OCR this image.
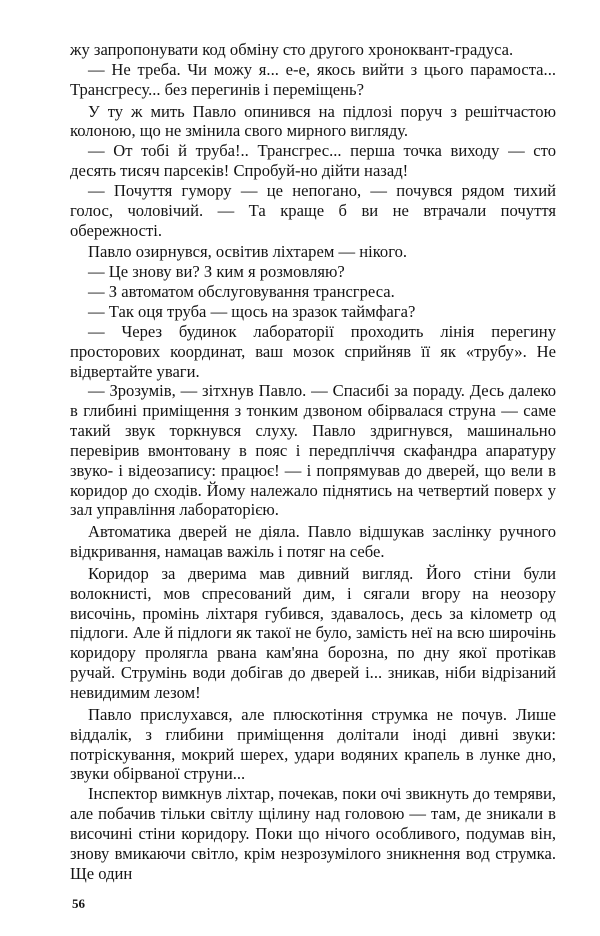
жу запропонувати код обміну сто другого хроноквант-градуса.

— Не треба. Чи можу я... е-е, якось вийти з цього парамоста... Трансгресу... без перегинів і переміщень?

У ту ж мить Павло опинився на підлозі поруч з решітчастою колоною, що не змінила свого мирного вигляду.

— От тобі й труба!.. Трансгрес... перша точка виходу — сто десять тисяч парсеків! Спробуй-но дійти назад!

— Почуття гумору — це непогано, — почувся рядом тихий голос, чоловічий. — Та краще б ви не втрачали почуття обережності.

Павло озирнувся, освітив ліхтарем — нікого.

— Це знову ви? З ким я розмовляю?

— З автоматом обслуговування трансгреса.

— Так оця труба — щось на зразок таймфага?

— Через будинок лабораторії проходить лінія перегину просторових координат, ваш мозок сприйняв її як «трубу». Не відвертайте уваги.

— Зрозумів, — зітхнув Павло. — Спасибі за пораду. Десь далеко в глибині приміщення з тонким дзвоном обірвалася струна — саме такий звук торкнувся слуху. Павло здригнувся, машинально перевірив вмонтовану в пояс і передпліччя скафандра апаратуру звуко- і відеозапису: працює! — і попрямував до дверей, що вели в коридор до сходів. Йому належало піднятись на четвертий поверх у зал управління лабораторією.

Автоматика дверей не діяла. Павло відшукав заслінку ручного відкривання, намацав важіль і потяг на себе.

Коридор за дверима мав дивний вигляд. Його стіни були волокнисті, мов спресований дим, і сягали вгору на неозору височінь, промінь ліхтаря губився, здавалось, десь за кілометр од підлоги. Але й підлоги як такої не було, замість неї на всю широчінь коридору пролягла рвана кам'яна борозна, по дну якої протікав ручай. Струмінь води добігав до дверей і... зникав, ніби відрізаний невидимим лезом!

Павло прислухався, але плюскотіння струмка не почув. Лише віддалік, з глибини приміщення долітали іноді дивні звуки: потріскування, мокрий шерех, удари водяних крапель в лунке дно, звуки обірваної струни...

Інспектор вимкнув ліхтар, почекав, поки очі звикнуть до темряви, але побачив тільки світлу щілину над головою — там, де зникали в височині стіни коридору. Поки що нічого особливого, подумав він, знову вмикаючи світло, крім незрозумілого зникнення вод струмка. Ще один

56
